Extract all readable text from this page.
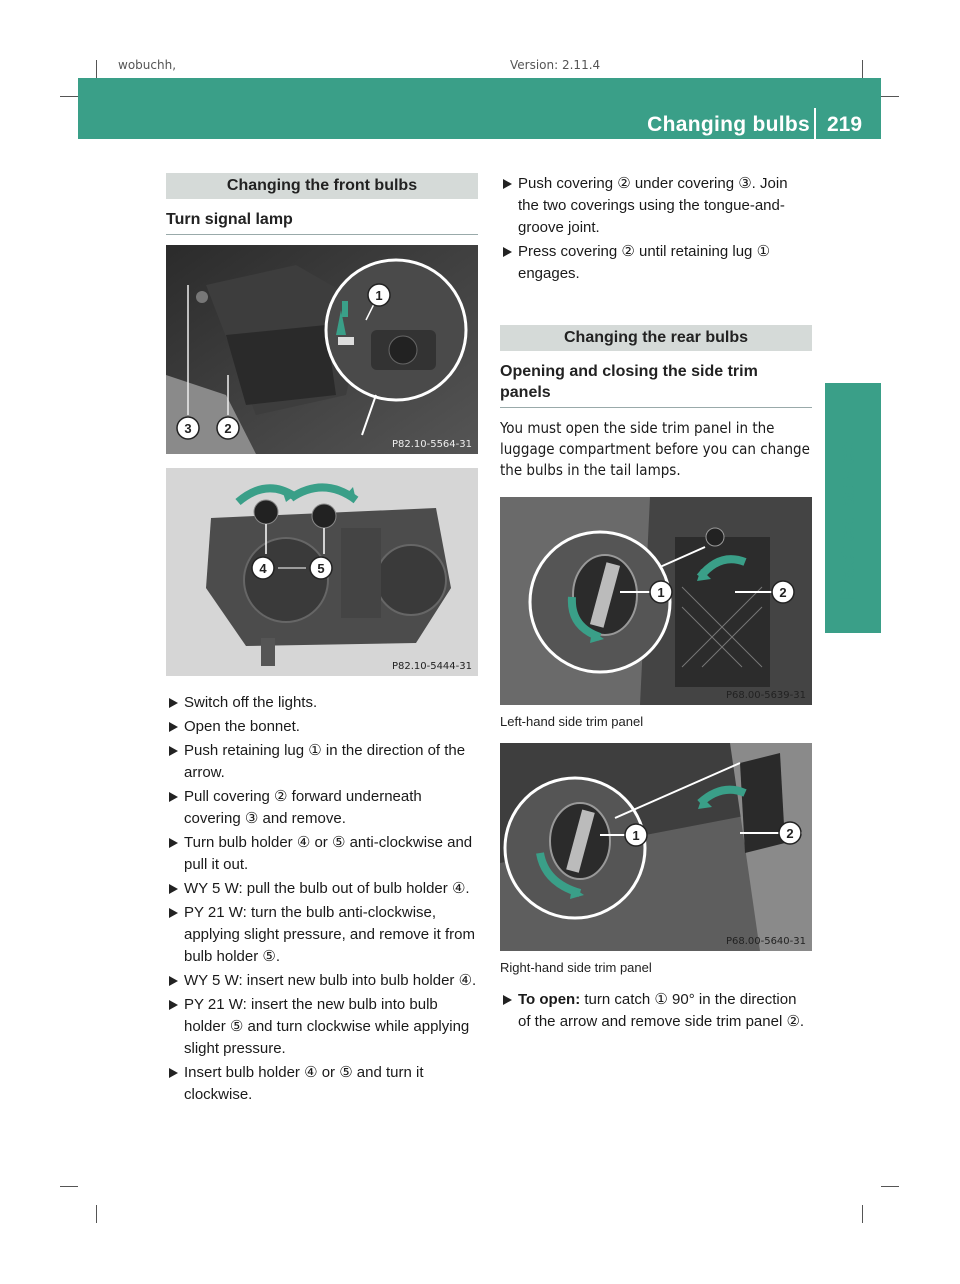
wobuchh,	Version: 2.11.4
Changing bulbs 219
Practical advice
Changing the front bulbs
Turn signal lamp
1
3	2
P82.10-5564-31
4	5
P82.10-5444-31
Switch off the lights.
Open the bonnet.
Push retaining lug ① in the direction of the arrow.
Pull covering ② forward underneath covering ③ and remove.
Turn bulb holder ④ or ⑤ anti-clockwise and pull it out.
WY 5 W: pull the bulb out of bulb holder ④.
PY 21 W: turn the bulb anti-clockwise, applying slight pressure, and remove it from bulb holder ⑤.
WY 5 W: insert new bulb into bulb holder ④.
PY 21 W: insert the new bulb into bulb holder ⑤ and turn clockwise while applying slight pressure.
Insert bulb holder ④ or ⑤ and turn it clockwise.
Push covering ② under covering ③. Join the two coverings using the tongue-and-groove joint.
Press covering ② until retaining lug ① engages.
Changing the rear bulbs
Opening and closing the side trim panels

You must open the side trim panel in the luggage compartment before you can change the bulbs in the tail lamps.

1	2
P68.00-5639-31
Left-hand side trim panel
1	2
P68.00-5640-31
Right-hand side trim panel
To open: turn catch ① 90° in the direction of the arrow and remove side trim panel ②.
